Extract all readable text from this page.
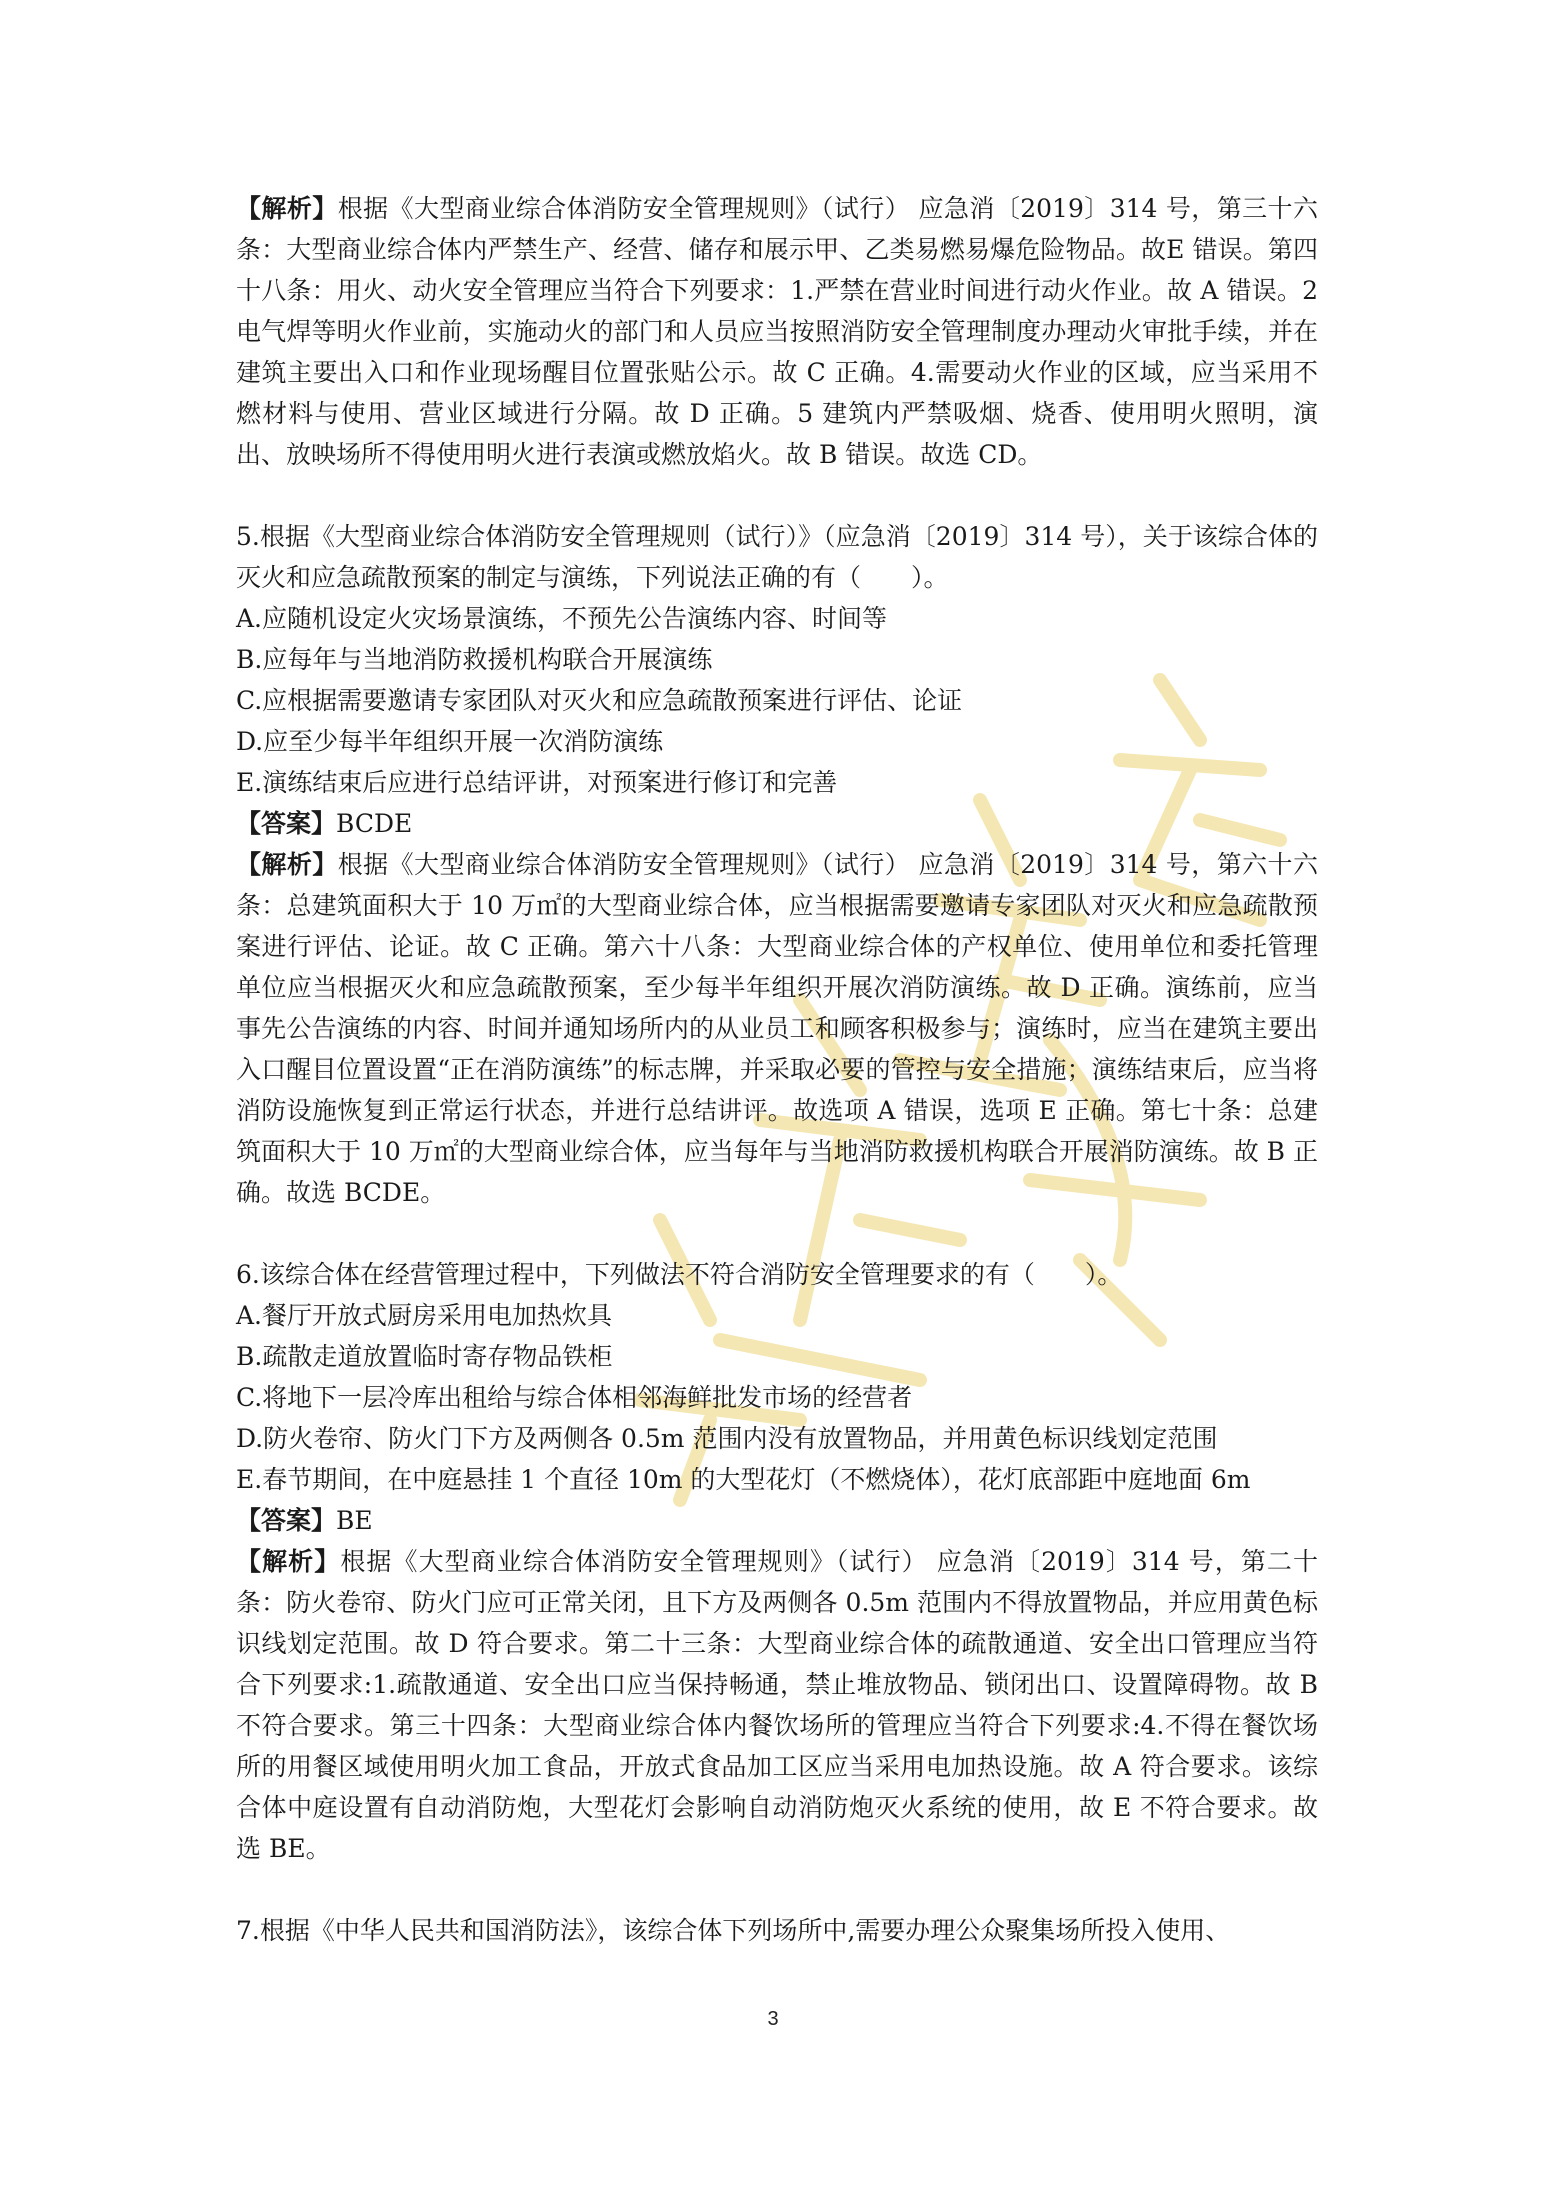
【解析】根据《大型商业综合体消防安全管理规则》（试行） 应急消〔2019〕314 号，第三十六条：大型商业综合体内严禁生产、经营、储存和展示甲、乙类易燃易爆危险物品。故E 错误。第四十八条：用火、动火安全管理应当符合下列要求：1.严禁在营业时间进行动火作业。故 A 错误。2 电气焊等明火作业前，实施动火的部门和人员应当按照消防安全管理制度办理动火审批手续，并在建筑主要出入口和作业现场醒目位置张贴公示。故 C 正确。4.需要动火作业的区域，应当采用不燃材料与使用、营业区域进行分隔。故 D 正确。5 建筑内严禁吸烟、烧香、使用明火照明，演出、放映场所不得使用明火进行表演或燃放焰火。故 B 错误。故选 CD。

5.根据《大型商业综合体消防安全管理规则（试行）》（应急消〔2019〕314 号），关于该综合体的灭火和应急疏散预案的制定与演练，下列说法正确的有（　　）。

A.应随机设定火灾场景演练，不预先公告演练内容、时间等

B.应每年与当地消防救援机构联合开展演练

C.应根据需要邀请专家团队对灭火和应急疏散预案进行评估、论证

D.应至少每半年组织开展一次消防演练

E.演练结束后应进行总结评讲，对预案进行修订和完善

【答案】BCDE

【解析】根据《大型商业综合体消防安全管理规则》（试行） 应急消〔2019〕314 号，第六十六条：总建筑面积大于 10 万㎡的大型商业综合体，应当根据需要邀请专家团队对灭火和应急疏散预案进行评估、论证。故 C 正确。第六十八条：大型商业综合体的产权单位、使用单位和委托管理单位应当根据灭火和应急疏散预案，至少每半年组织开展次消防演练。故 D 正确。演练前，应当事先公告演练的内容、时间并通知场所内的从业员工和顾客积极参与；演练时，应当在建筑主要出入口醒目位置设置“正在消防演练”的标志牌，并采取必要的管控与安全措施；演练结束后，应当将消防设施恢复到正常运行状态，并进行总结讲评。故选项 A 错误，选项 E 正确。第七十条：总建筑面积大于 10 万㎡的大型商业综合体，应当每年与当地消防救援机构联合开展消防演练。故 B 正确。故选 BCDE。

6.该综合体在经营管理过程中，下列做法不符合消防安全管理要求的有（　　）。

A.餐厅开放式厨房采用电加热炊具

B.疏散走道放置临时寄存物品铁柜

C.将地下一层冷库出租给与综合体相邻海鲜批发市场的经营者

D.防火卷帘、防火门下方及两侧各 0.5m 范围内没有放置物品，并用黄色标识线划定范围

E.春节期间，在中庭悬挂 1 个直径 10m 的大型花灯（不燃烧体），花灯底部距中庭地面 6m

【答案】BE

【解析】根据《大型商业综合体消防安全管理规则》（试行） 应急消〔2019〕314 号，第二十条：防火卷帘、防火门应可正常关闭，且下方及两侧各 0.5m 范围内不得放置物品，并应用黄色标识线划定范围。故 D 符合要求。第二十三条：大型商业综合体的疏散通道、安全出口管理应当符合下列要求:1.疏散通道、安全出口应当保持畅通，禁止堆放物品、锁闭出口、设置障碍物。故 B 不符合要求。第三十四条：大型商业综合体内餐饮场所的管理应当符合下列要求:4.不得在餐饮场所的用餐区域使用明火加工食品，开放式食品加工区应当采用电加热设施。故 A 符合要求。该综合体中庭设置有自动消防炮，大型花灯会影响自动消防炮灭火系统的使用，故 E 不符合要求。故选 BE。

7.根据《中华人民共和国消防法》，该综合体下列场所中,需要办理公众聚集场所投入使用、

3
